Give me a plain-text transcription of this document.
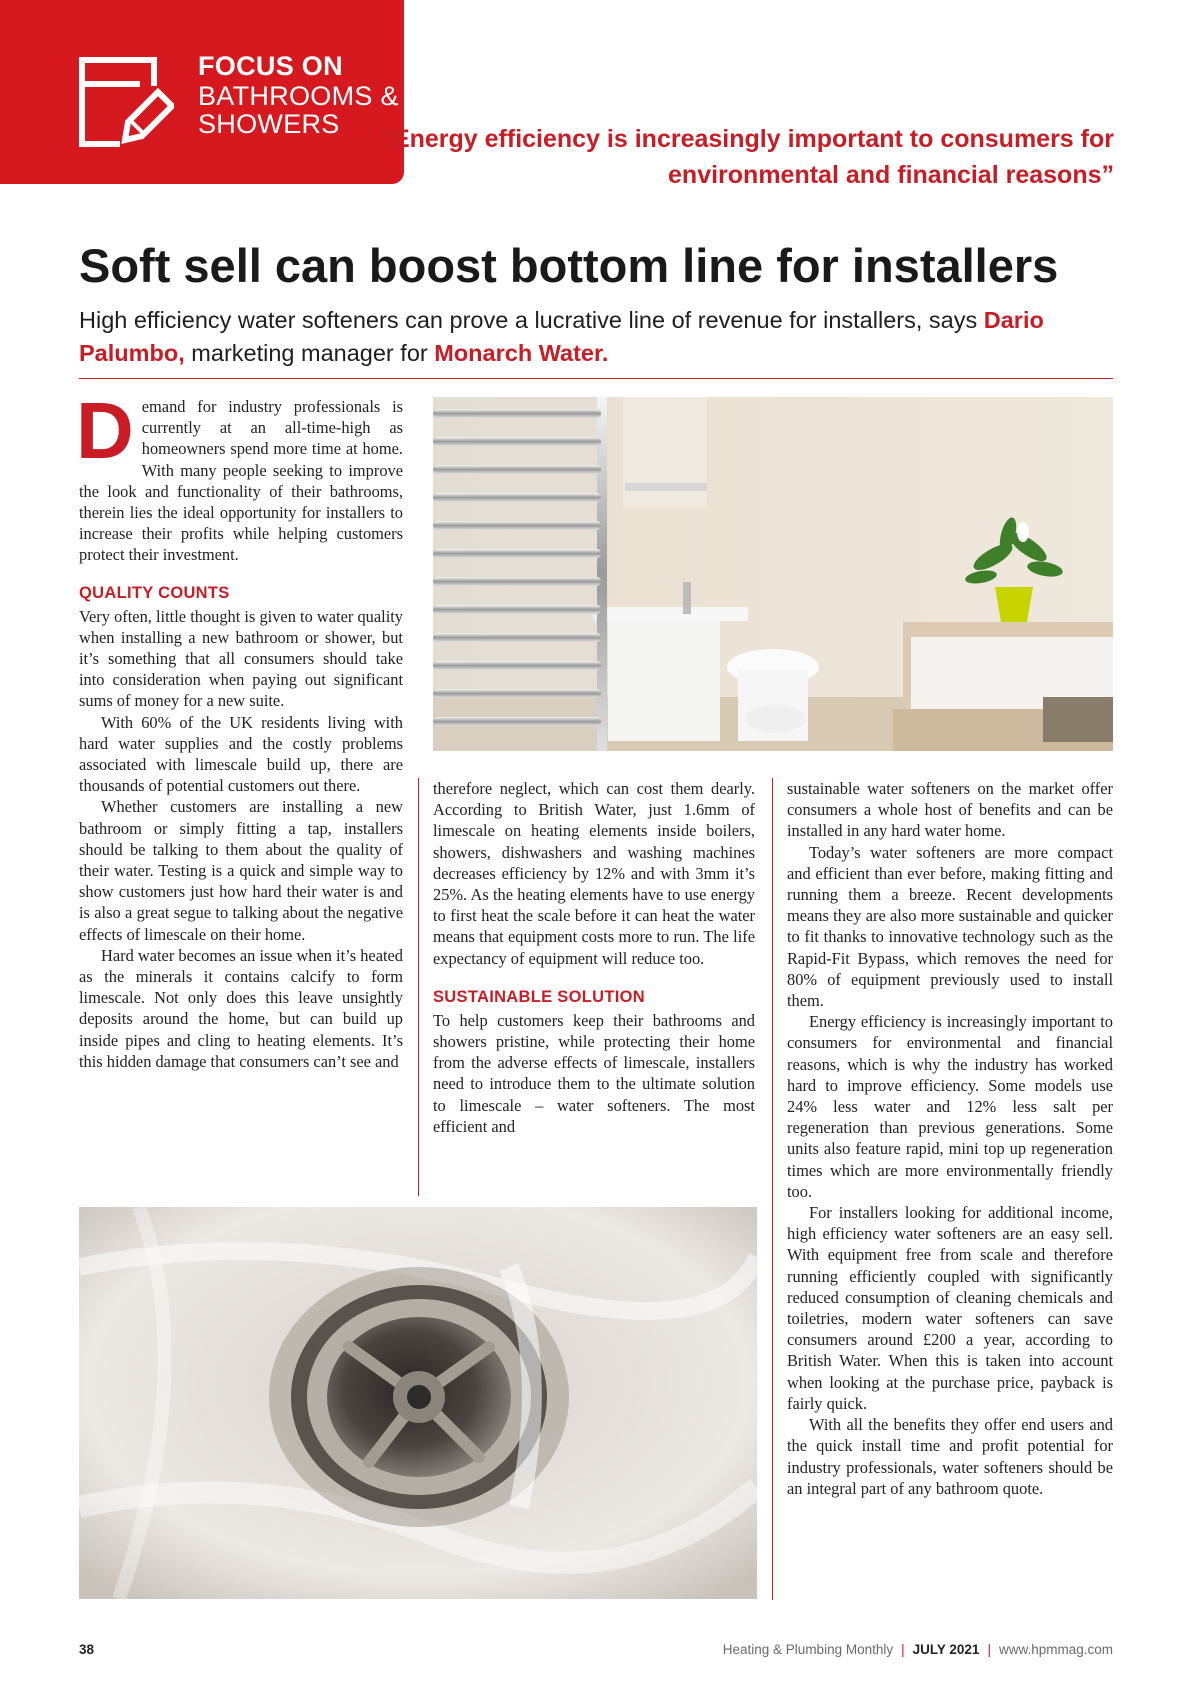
FOCUS ON
BATHROOMS &
SHOWERS	“Energy efficiency is increasingly important to consumers for environmental and financial reasons”
Soft sell can boost bottom line for installers
High efficiency water softeners can prove a lucrative line of revenue for installers, says Dario Palumbo, marketing manager for Monarch Water.
D emand for industry professionals is currently at an all-time-high as homeowners spend more time at home. With many people seeking to improve the look and functionality of their bathrooms, therein lies the ideal opportunity for installers to increase their profits while helping customers protect their investment.

QUALITY COUNTS

Very often, little thought is given to water quality when installing a new bathroom or shower, but it’s something that all consumers should take into consideration when paying out significant sums of money for a new suite.

With 60% of the UK residents living with hard water supplies and the costly problems associated with limescale build up, there are thousands of potential customers out there.

Whether customers are installing a new bathroom or simply fitting a tap, installers should be talking to them about the quality of their water. Testing is a quick and simple way to show customers just how hard their water is and is also a great segue to talking about the negative effects of limescale on their home.

Hard water becomes an issue when it’s heated as the minerals it contains calcify to form limescale. Not only does this leave unsightly deposits around the home, but can build up inside pipes and cling to heating elements. It’s this hidden damage that consumers can’t see and

therefore neglect, which can cost them dearly. According to British Water, just 1.6mm of limescale on heating elements inside boilers, showers, dishwashers and washing machines decreases efficiency by 12% and with 3mm it’s 25%. As the heating elements have to use energy to first heat the scale before it can heat the water means that equipment costs more to run. The life expectancy of equipment will reduce too.

SUSTAINABLE SOLUTION

To help customers keep their bathrooms and showers pristine, while protecting their home from the adverse effects of limescale, installers need to introduce them to the ultimate solution to limescale – water softeners. The most efficient and

sustainable water softeners on the market offer consumers a whole host of benefits and can be installed in any hard water home.

Today’s water softeners are more compact and efficient than ever before, making fitting and running them a breeze. Recent developments means they are also more sustainable and quicker to fit thanks to innovative technology such as the Rapid-Fit Bypass, which removes the need for 80% of equipment previously used to install them.

Energy efficiency is increasingly important to consumers for environmental and financial reasons, which is why the industry has worked hard to improve efficiency. Some models use 24% less water and 12% less salt per regeneration than previous generations. Some units also feature rapid, mini top up regeneration times which are more environmentally friendly too.

For installers looking for additional income, high efficiency water softeners are an easy sell. With equipment free from scale and therefore running efficiently coupled with significantly reduced consumption of cleaning chemicals and toiletries, modern water softeners can save consumers around £200 a year, according to British Water. When this is taken into account when looking at the purchase price, payback is fairly quick.

With all the benefits they offer end users and the quick install time and profit potential for industry professionals, water softeners should be an integral part of any bathroom quote.

38	Heating & Plumbing Monthly | JULY 2021 | www.hpmmag.com
